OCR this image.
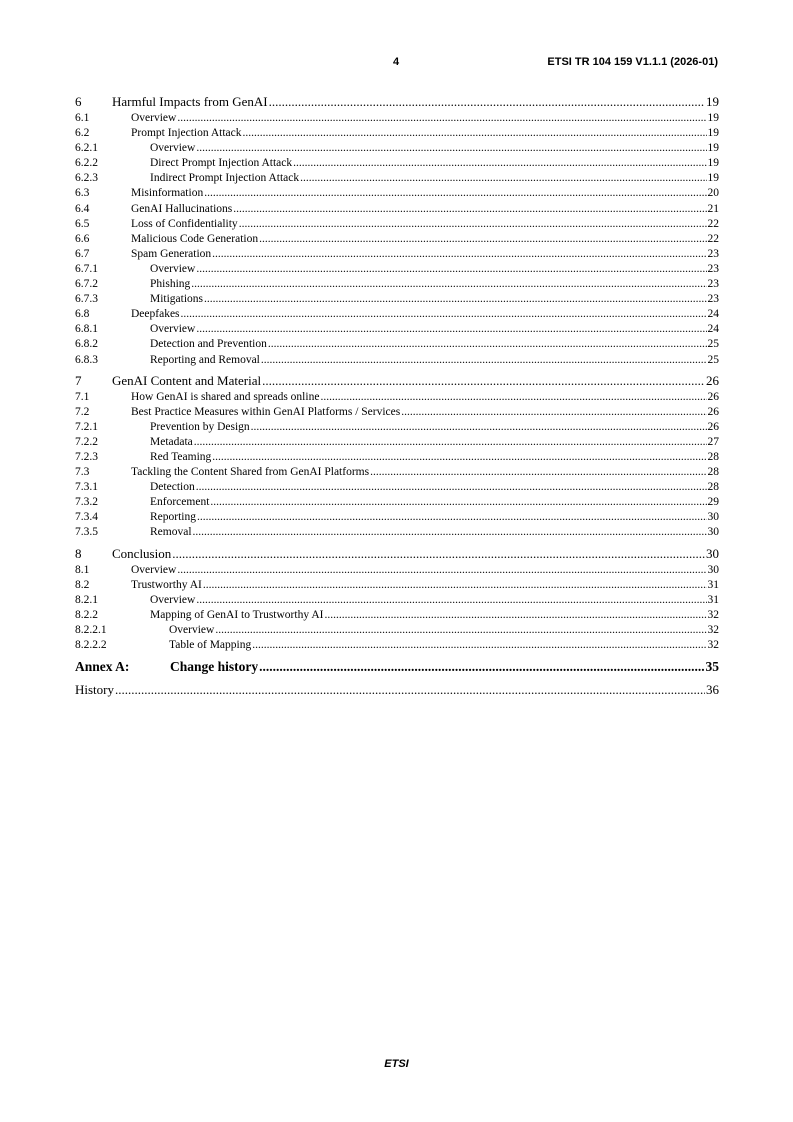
4	ETSI TR 104 159 V1.1.1 (2026-01)
6	Harmful Impacts from GenAI .....	19
6.1	Overview .....	19
6.2	Prompt Injection Attack .....	19
6.2.1	Overview .....	19
6.2.2	Direct Prompt Injection Attack .....	19
6.2.3	Indirect Prompt Injection Attack .....	19
6.3	Misinformation .....	20
6.4	GenAI Hallucinations .....	21
6.5	Loss of Confidentiality .....	22
6.6	Malicious Code Generation .....	22
6.7	Spam Generation .....	23
6.7.1	Overview .....	23
6.7.2	Phishing .....	23
6.7.3	Mitigations .....	23
6.8	Deepfakes .....	24
6.8.1	Overview .....	24
6.8.2	Detection and Prevention .....	25
6.8.3	Reporting and Removal .....	25
7	GenAI Content and Material .....	26
7.1	How GenAI is shared and spreads online .....	26
7.2	Best Practice Measures within GenAI Platforms / Services .....	26
7.2.1	Prevention by Design .....	26
7.2.2	Metadata .....	27
7.2.3	Red Teaming .....	28
7.3	Tackling the Content Shared from GenAI Platforms .....	28
7.3.1	Detection .....	28
7.3.2	Enforcement .....	29
7.3.4	Reporting .....	30
7.3.5	Removal .....	30
8	Conclusion .....	30
8.1	Overview .....	30
8.2	Trustworthy AI .....	31
8.2.1	Overview .....	31
8.2.2	Mapping of GenAI to Trustworthy AI .....	32
8.2.2.1	Overview .....	32
8.2.2.2	Table of Mapping .....	32
Annex A:	Change history .....	35
History .....	36
ETSI
